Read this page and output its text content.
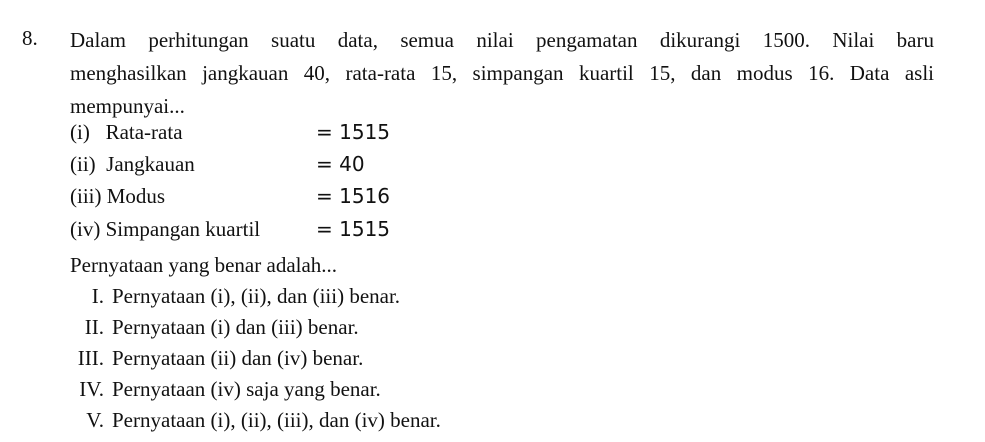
8. Dalam perhitungan suatu data, semua nilai pengamatan dikurangi 1500. Nilai baru
menghasilkan jangkauan 40, rata-rata 15, simpangan kuartil 15, dan modus 16. Data asli
mempunyai...
(i)   Rata-rata	= 1515
(ii)  Jangkauan	= 40
(iii) Modus	= 1516
(iv) Simpangan kuartil	= 1515
Pernyataan yang benar adalah...
I. Pernyataan (i), (ii), dan (iii) benar.
II. Pernyataan (i) dan (iii) benar.
III. Pernyataan (ii) dan (iv) benar.
IV. Pernyataan (iv) saja yang benar.
V. Pernyataan (i), (ii), (iii), dan (iv) benar.
